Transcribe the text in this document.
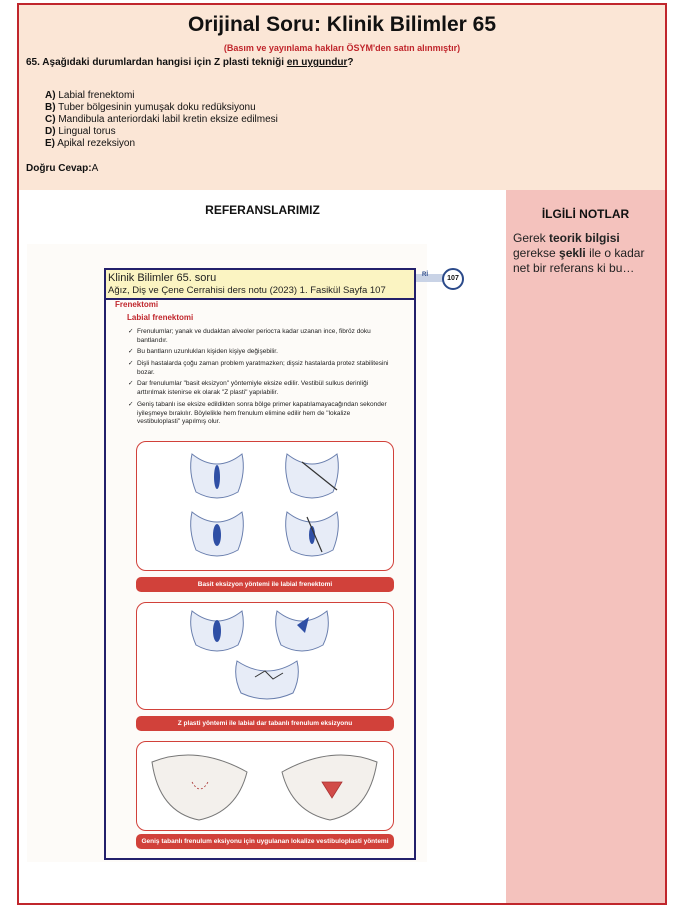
Orijinal Soru: Klinik Bilimler 65
(Basım ve yayınlama hakları ÖSYM'den satın alınmıştır)
65. Aşağıdaki durumlardan hangisi için Z plasti tekniği en uygundur?
A) Labial frenektomi
B) Tuber bölgesinin yumuşak doku redüksiyonu
C) Mandibula anteriordaki labil kretin eksize edilmesi
D) Lingual torus
E) Apikal rezeksiyon
Doğru Cevap:A
REFERANSLARIMIZ
Rİ	107
Frenektomi
Labial frenektomi
✓ Frenulumlar; yanak ve dudaktan alveoler perioста kadar uzanan ince, fibröz doku bantlarıdır.
✓ Bu bantların uzunlukları kişiden kişiye değişebilir.
✓ Dişli hastalarda çoğu zaman problem yaratmazken; dişsiz hastalarda protez stabilitesini bozar.
✓ Dar frenulumlar "basit eksizyon" yöntemiyle eksize edilir. Vestibül sulkus derinliği arttırılmak istenirse ek olarak "Z plasti" yapılabilir.
✓ Geniş tabanlı ise eksize edildikten sonra bölge primer kapatılamayacağından sekonder iyileşmeye bırakılır. Böylelikle hem frenulum elimine edilir hem de "lokalize vestibuloplasti" yapılmış olur.
Basit eksizyon yöntemi ile labial frenektomi
Z plasti yöntemi ile labial dar tabanlı frenulum eksizyonu
Geniş tabanlı frenulum eksiyonu için uygulanan lokalize vestibuloplasti yöntemi
Klinik Bilimler 65. soru
Ağız, Diş ve Çene Cerrahisi ders notu (2023) 1. Fasikül Sayfa 107
İLGİLİ NOTLAR
Gerek teorik bilgisi gerekse şekli ile o kadar net bir referans ki bu…
